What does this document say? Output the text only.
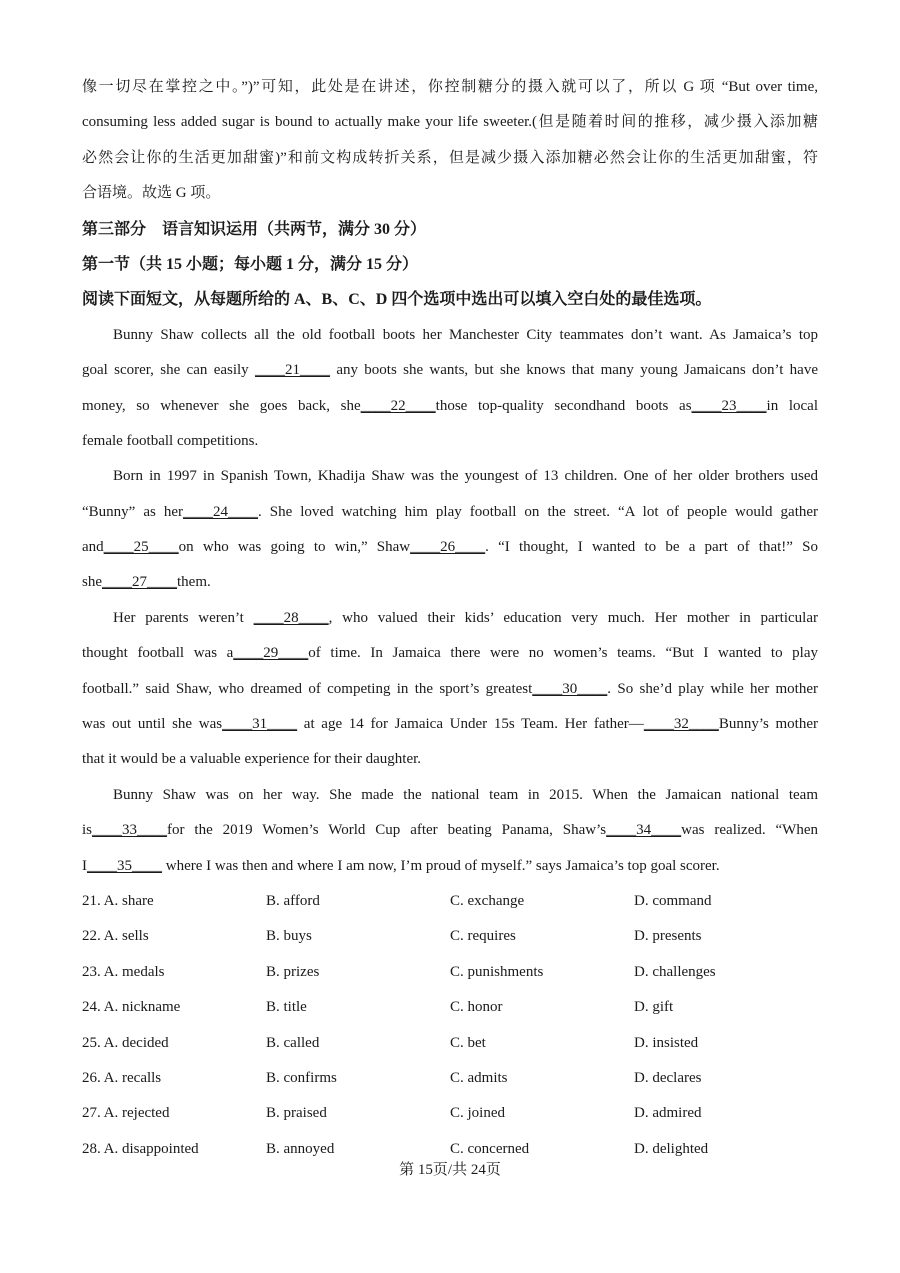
像一切尽在掌控之中。”)”可知，此处是在讲述，你控制糖分的摄入就可以了，所以 G 项 “But over time,
consuming less added sugar is bound to actually make your life sweeter.(但是随着时间的推移，减少摄入添加糖
必然会让你的生活更加甜蜜)”和前文构成转折关系，但是减少摄入添加糖必然会让你的生活更加甜蜜，符
合语境。故选 G 项。
第三部分　语言知识运用（共两节，满分 30 分）
第一节（共 15 小题；每小题 1 分，满分 15 分）
阅读下面短文，从每题所给的 A、B、C、D 四个选项中选出可以填入空白处的最佳选项。
Bunny Shaw collects all the old football boots her Manchester City teammates don’t want. As Jamaica’s top
goal scorer, she can easily ____21____ any boots she wants, but she knows that many young Jamaicans don’t have
money, so whenever she goes back, she____22____those top-quality secondhand boots as____23____in local
female football competitions.
Born in 1997 in Spanish Town, Khadija Shaw was the youngest of 13 children. One of her older brothers used
“Bunny” as her____24____. She loved watching him play football on the street. “A lot of people would gather
and____25____on who was going to win,” Shaw____26____. “I thought, I wanted to be a part of that!” So
she____27____them.
Her parents weren’t ____28____, who valued their kids’ education very much. Her mother in particular
thought football was a____29____of time. In Jamaica there were no women’s teams. “But I wanted to play
football.” said Shaw, who dreamed of competing in the sport’s greatest____30____. So she’d play while her mother
was out until she was____31____ at age 14 for Jamaica Under 15s Team. Her father—____32____Bunny’s mother
that it would be a valuable experience for their daughter.
Bunny Shaw was on her way. She made the national team in 2015. When the Jamaican national team
is____33____for the 2019 Women’s World Cup after beating Panama, Shaw’s____34____was realized. “When
I____35____ where I was then and where I am now, I’m proud of myself.” says Jamaica’s top goal scorer.
21. A. share	B. afford	C. exchange	D. command
22. A. sells	B. buys	C. requires	D. presents
23. A. medals	B. prizes	C. punishments	D. challenges
24. A. nickname	B. title	C. honor	D. gift
25. A. decided	B. called	C. bet	D. insisted
26. A. recalls	B. confirms	C. admits	D. declares
27. A. rejected	B. praised	C. joined	D. admired
28. A. disappointed	B. annoyed	C. concerned	D. delighted
第 15页/共 24页
